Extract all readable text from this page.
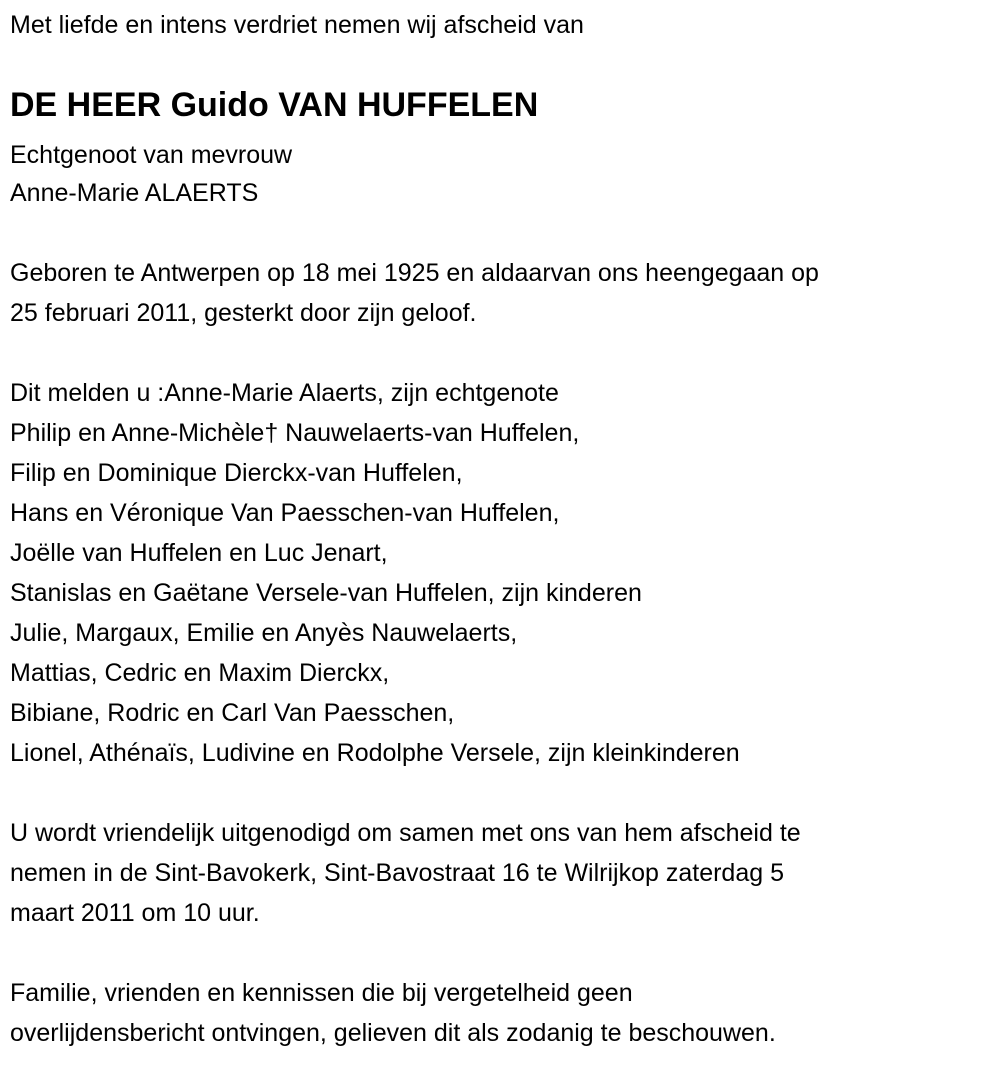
Met liefde en intens verdriet nemen wij afscheid van
DE HEER Guido VAN HUFFELEN
Echtgenoot van mevrouw
Anne-Marie ALAERTS
Geboren te Antwerpen op 18 mei 1925 en aldaarvan ons heengegaan op
25 februari 2011, gesterkt door zijn geloof.
Dit melden u :Anne-Marie Alaerts, zijn echtgenote
Philip en Anne-Michèle† Nauwelaerts-van Huffelen,
Filip en Dominique Dierckx-van Huffelen,
Hans en Véronique Van Paesschen-van Huffelen,
Joëlle van Huffelen en Luc Jenart,
Stanislas en Gaëtane Versele-van Huffelen, zijn kinderen
Julie, Margaux, Emilie en Anyès Nauwelaerts,
Mattias, Cedric en Maxim Dierckx,
Bibiane, Rodric en Carl Van Paesschen,
Lionel, Athénaïs, Ludivine en Rodolphe Versele, zijn kleinkinderen
U wordt vriendelijk uitgenodigd om samen met ons van hem afscheid te
nemen in de Sint-Bavokerk, Sint-Bavostraat 16 te Wilrijkop zaterdag 5
maart 2011 om 10 uur.
Familie, vrienden en kennissen die bij vergetelheid geen
overlijdensbericht ontvingen, gelieven dit als zodanig te beschouwen.
